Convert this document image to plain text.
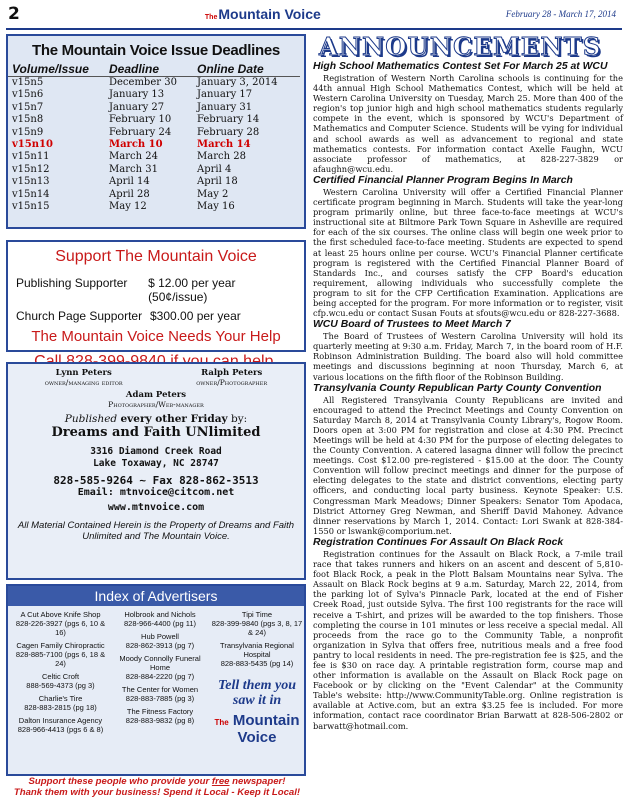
2	The Mountain Voice	February 28 - March 17, 2014
The Mountain Voice Issue Deadlines
Volume/Issue	Deadline	Online Date
v15n5	December 30	January 3, 2014
v15n6	January 13	January 17
v15n7	January 27	January 31
v15n8	February 10	February 14
v15n9	February 24	February 28
v15n10	March 10	March 14
v15n11	March 24	March 28
v15n12	March 31	April 4
v15n13	April 14	April 18
v15n14	April 28	May 2
v15n15	May 12	May 16
Support The Mountain Voice
Publishing Supporter	$ 12.00 per year (50¢/issue)
Church Page Supporter $300.00 per year
The Mountain Voice Needs Your Help
Lynn Peters
owner/managing editor
Ralph Peters
owner/Photographer
Adam Peters
Photographer/Web-manager
Published every other Friday by:
Dreams and Faith UNlimited
3316 Diamond Creek Road
Lake Toxaway, NC 28747
828-585-9264 ~ Fax 828-862-3513
Email: mtnvoice@citcom.net
www.mtnvoice.com
All Material Contained Herein is the Property of Dreams and Faith Unlimited and The Mountain Voice.
Index of Advertisers
A Cut Above Knife Shop
828-226-3927 (pgs 6, 10 & 16)
Cagen Family Chiropractic
828-885-7100 (pgs 6, 18 & 24)
Celtic Croft
888-569-4373 (pg 3)
Charlie's Tire
828-883-2815 (pg 18)
Dalton Insurance Agency
828-966-4413 (pgs 6 & 8)
Holbrook and Nichols
828-966-4400 (pg 11)
Hub Powell
828-862-3913 (pg 7)
Moody Connolly Funeral Home
828-884-2220 (pg 7)
The Center for Women
828-883-7885 (pg 3)
The Fitness Factory
828-883-9832 (pg 8)
Tipi Time
828-399-9840 (pgs 3, 8, 17 & 24)
Transylvania Regional Hospital
828-883-5435 (pg 14)
Tell them you saw it in
The Mountain Voice
Support these people who provide your free newspaper!
Thank them with your business! Spend it Local - Keep it Local!
ANNOUNCEMENTS
High School Mathematics Contest Set For March 25 at WCU

Registration of Western North Carolina schools is continuing for the 44th annual High School Mathematics Contest, which will be held at Western Carolina University on Tuesday, March 25. More than 400 of the region's top junior high and high school mathematics students regularly compete in the event, which is sponsored by WCU's Department of Mathematics and Computer Science. Students will be vying for individual and school awards as well as advancement to regional and state mathematics contests. For information contact Axelle Faughn, WCU associate professor of mathematics, at 828-227-3829 or afaughn@wcu.edu.

Certified Financial Planner Program Begins In March

Western Carolina University will offer a Certified Financial Planner certificate program beginning in March. Students will take the year-long program primarily online, but three face-to-face meetings at WCU's instructional site at Biltmore Park Town Square in Asheville are required for each of the six courses. The online class will begin one week prior to the first scheduled face-to-face meeting. Students are expected to spend at least 25 hours online per course. WCU's Financial Planner certificate program is registered with the Certified Financial Planner Board of Standards Inc., and courses satisfy the CFP Board's education requirement, allowing individuals who successfully complete the program to sit for the CFP Certification Examination. Applications are being accepted for the program. For more information or to register, visit cfp.wcu.edu or contact Susan Fouts at sfouts@wcu.edu or 828-227-3688.

WCU Board of Trustees to Meet March 7

The Board of Trustees of Western Carolina University will hold its quarterly meeting at 9:30 a.m. Friday, March 7, in the board room of H.F. Robinson Administration Building. The board also will hold committee meetings and discussions beginning at noon Thursday, March 6, at various locations on the fifth floor of the Robinson Building.

Transylvania County Republican Party County Convention

All Registered Transylvania County Republicans are invited and encouraged to attend the Precinct Meetings and County Convention on Saturday March 8, 2014 at Transylvania County Library's, Rogow Room. Doors open at 3:00 PM for registration and close at 4:30 PM. Precinct Meetings will be held at 4:30 PM for the purpose of electing delegates to the County Convention. A catered lasagna dinner will follow the precinct meetings. Cost $12.00 pre-registered - $15.00 at the door. The County Convention will follow precinct meetings and dinner for the purpose of electing delegates to the state and district conventions, electing party officers, and conducting local party business. Keynote Speaker: U.S. Congressman Mark Meadows; Dinner Speakers: Senator Tom Apodaca, District Attorney Greg Newman, and Sheriff David Mahoney. Advance dinner reservations by March 1, 2014. Contact: Lori Swank at 828-384-1550 or lswank@comporium.net.

Registration Continues For Assault On Black Rock

Registration continues for the Assault on Black Rock, a 7-mile trail race that takes runners and hikers on an ascent and descent of 5,810-foot Black Rock, a peak in the Plott Balsam Mountains near Sylva. The Assault on Black Rock begins at 9 a.m. Saturday, March 22, 2014, from the parking lot of Sylva's Pinnacle Park, located at the end of Fisher Creek Road, just outside Sylva. The first 100 registrants for the race will receive a T-shirt, and prizes will be awarded to the top finishers. Those completing the course in 101 minutes or less receive a special medal. All proceeds from the race go to the Community Table, a nonprofit organization in Sylva that offers free, nutritious meals and a free food pantry to local residents in need. The pre-registration fee is $25, and the fee is $30 on race day. A printable registration form, course map and other information is available on the Assault on Black Rock page on Facebook or by clicking on the "Event Calendar" at the Community Table's website: http://www.CommunityTable.org. Online registration is available at Active.com, but an extra $3.25 fee is included. For more information, contact race coordinator Brian Barwatt at 828-506-2802 or barwatt@hotmail.com.
